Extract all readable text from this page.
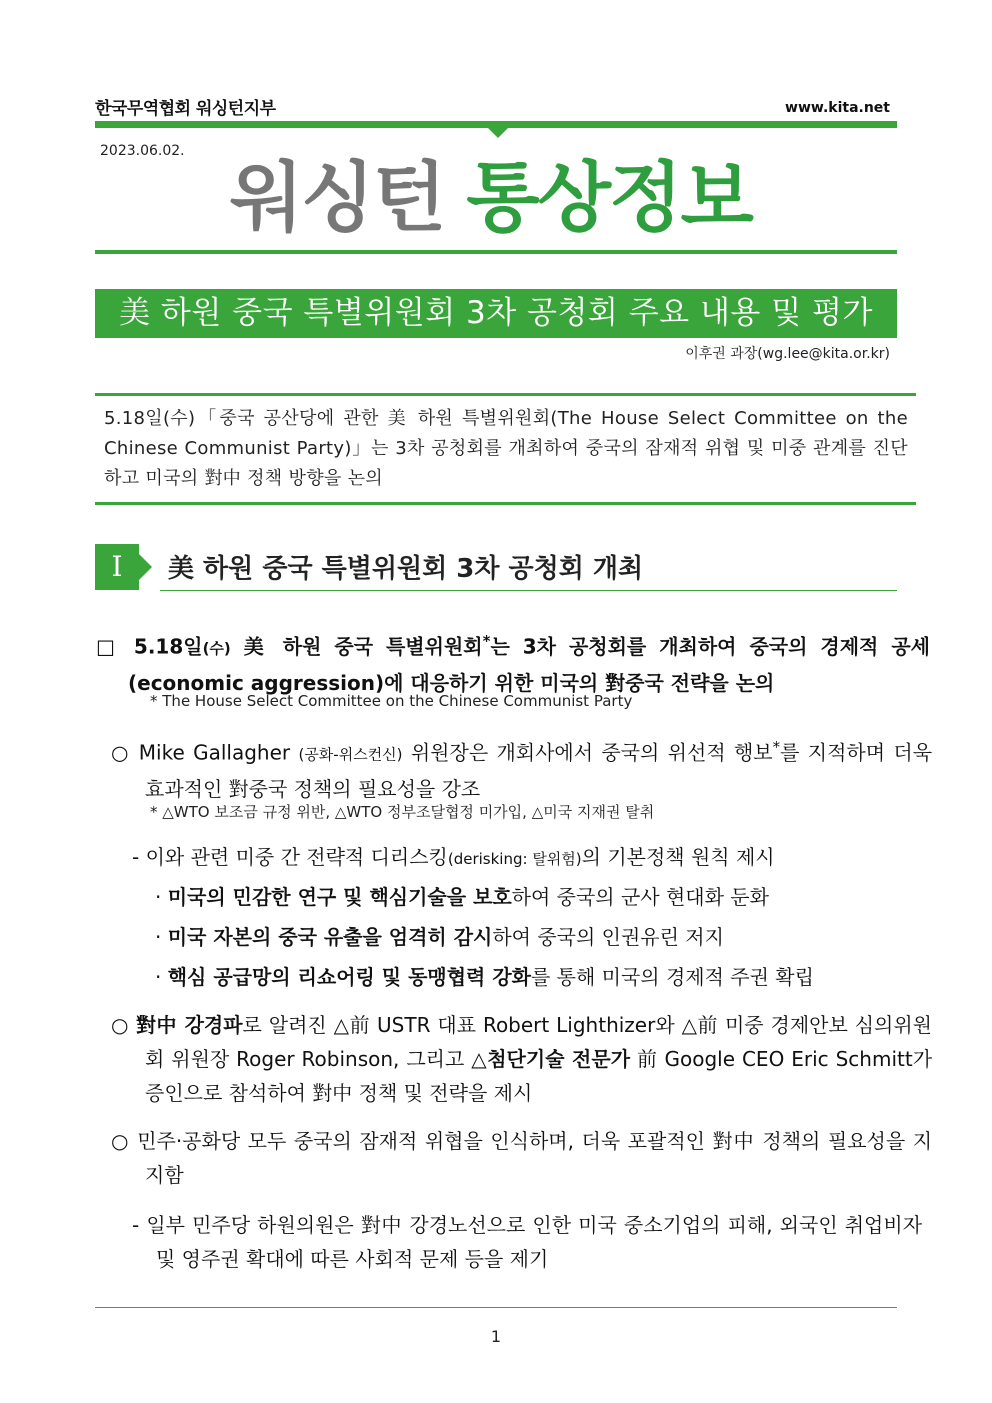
한국무역협회 워싱턴지부	www.kita.net
2023.06.02.
워싱턴 통상정보
美 하원 중국 특별위원회 3차 공청회 주요 내용 및 평가
이후권 과장(wg.lee@kita.or.kr)
5.18일(수)「중국 공산당에 관한 美 하원 특별위원회(The House Select Committee on the Chinese Communist Party)」는 3차 공청회를 개최하여 중국의 잠재적 위협 및 미중 관계를 진단하고 미국의 對中 정책 방향을 논의
I	美 하원 중국 특별위원회 3차 공청회 개최
□ 5.18일(수) 美 하원 중국 특별위원회*는 3차 공청회를 개최하여 중국의 경제적 공세(economic aggression)에 대응하기 위한 미국의 對중국 전략을 논의
* The House Select Committee on the Chinese Communist Party
○ Mike Gallagher (공화-위스컨신) 위원장은 개회사에서 중국의 위선적 행보*를 지적하며 더욱 효과적인 對중국 정책의 필요성을 강조
* △WTO 보조금 규정 위반, △WTO 정부조달협정 미가입, △미국 지재권 탈취
- 이와 관련 미중 간 전략적 디리스킹(derisking: 탈위험)의 기본정책 원칙 제시
· 미국의 민감한 연구 및 핵심기술을 보호하여 중국의 군사 현대화 둔화
· 미국 자본의 중국 유출을 엄격히 감시하여 중국의 인권유린 저지
· 핵심 공급망의 리쇼어링 및 동맹협력 강화를 통해 미국의 경제적 주권 확립
○ 對中 강경파로 알려진 △前 USTR 대표 Robert Lighthizer와 △前 미중 경제안보 심의위원회 위원장 Roger Robinson, 그리고 △첨단기술 전문가 前 Google CEO Eric Schmitt가 증인으로 참석하여 對中 정책 및 전략을 제시
○ 민주·공화당 모두 중국의 잠재적 위협을 인식하며, 더욱 포괄적인 對中 정책의 필요성을 지지함
- 일부 민주당 하원의원은 對中 강경노선으로 인한 미국 중소기업의 피해, 외국인 취업비자 및 영주권 확대에 따른 사회적 문제 등을 제기
1
